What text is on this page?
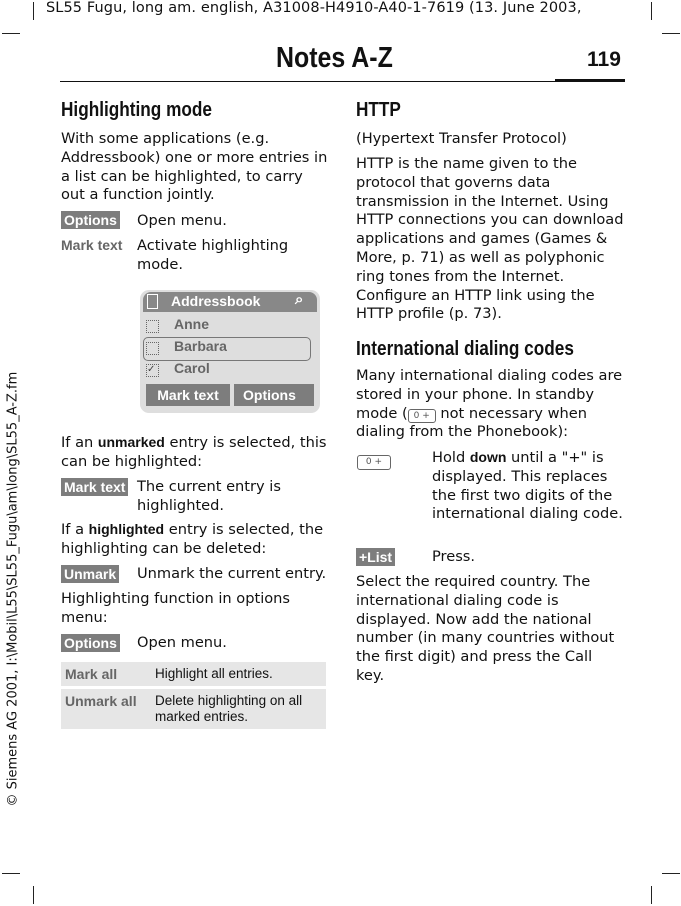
SL55 Fugu, long am. english, A31008-H4910-A40-1-7619 (13. June 2003,
© Siemens AG 2001, I:\Mobil\L55\SL55_Fugu\am\long\SL55_A-Z.fm
Notes A-Z	119
Highlighting mode
With some applications (e.g. Addressbook) one or more entries in a list can be highlighted, to carry out a function jointly.
Options Open menu.
Mark text Activate highlighting mode.
Addressbook ⌕
Anne
Barbara
✓ Carol
Mark text	Options
If an unmarked entry is selected, this can be highlighted:
Mark text The current entry is highlighted.
If a highlighted entry is selected, the highlighting can be deleted:
Unmark Unmark the current entry.
Highlighting function in options menu:
Options Open menu.
Mark all	Highlight all entries.
Unmark all	Delete highlighting on all marked entries.
HTTP
(Hypertext Transfer Protocol)
HTTP is the name given to the protocol that governs data transmission in the Internet. Using HTTP connections you can download applications and games (Games & More, p. 71) as well as polyphonic ring tones from the Internet. Configure an HTTP link using the HTTP profile (p. 73).
International dialing codes
Many international dialing codes are stored in your phone. In standby mode ( 0 + not necessary when dialing from the Phonebook):
0 +	Hold down until a "+" is displayed. This replaces the first two digits of the international dialing code.
+List	Press.
Select the required country. The international dialing code is displayed. Now add the national number (in many countries without the first digit) and press the Call key.
